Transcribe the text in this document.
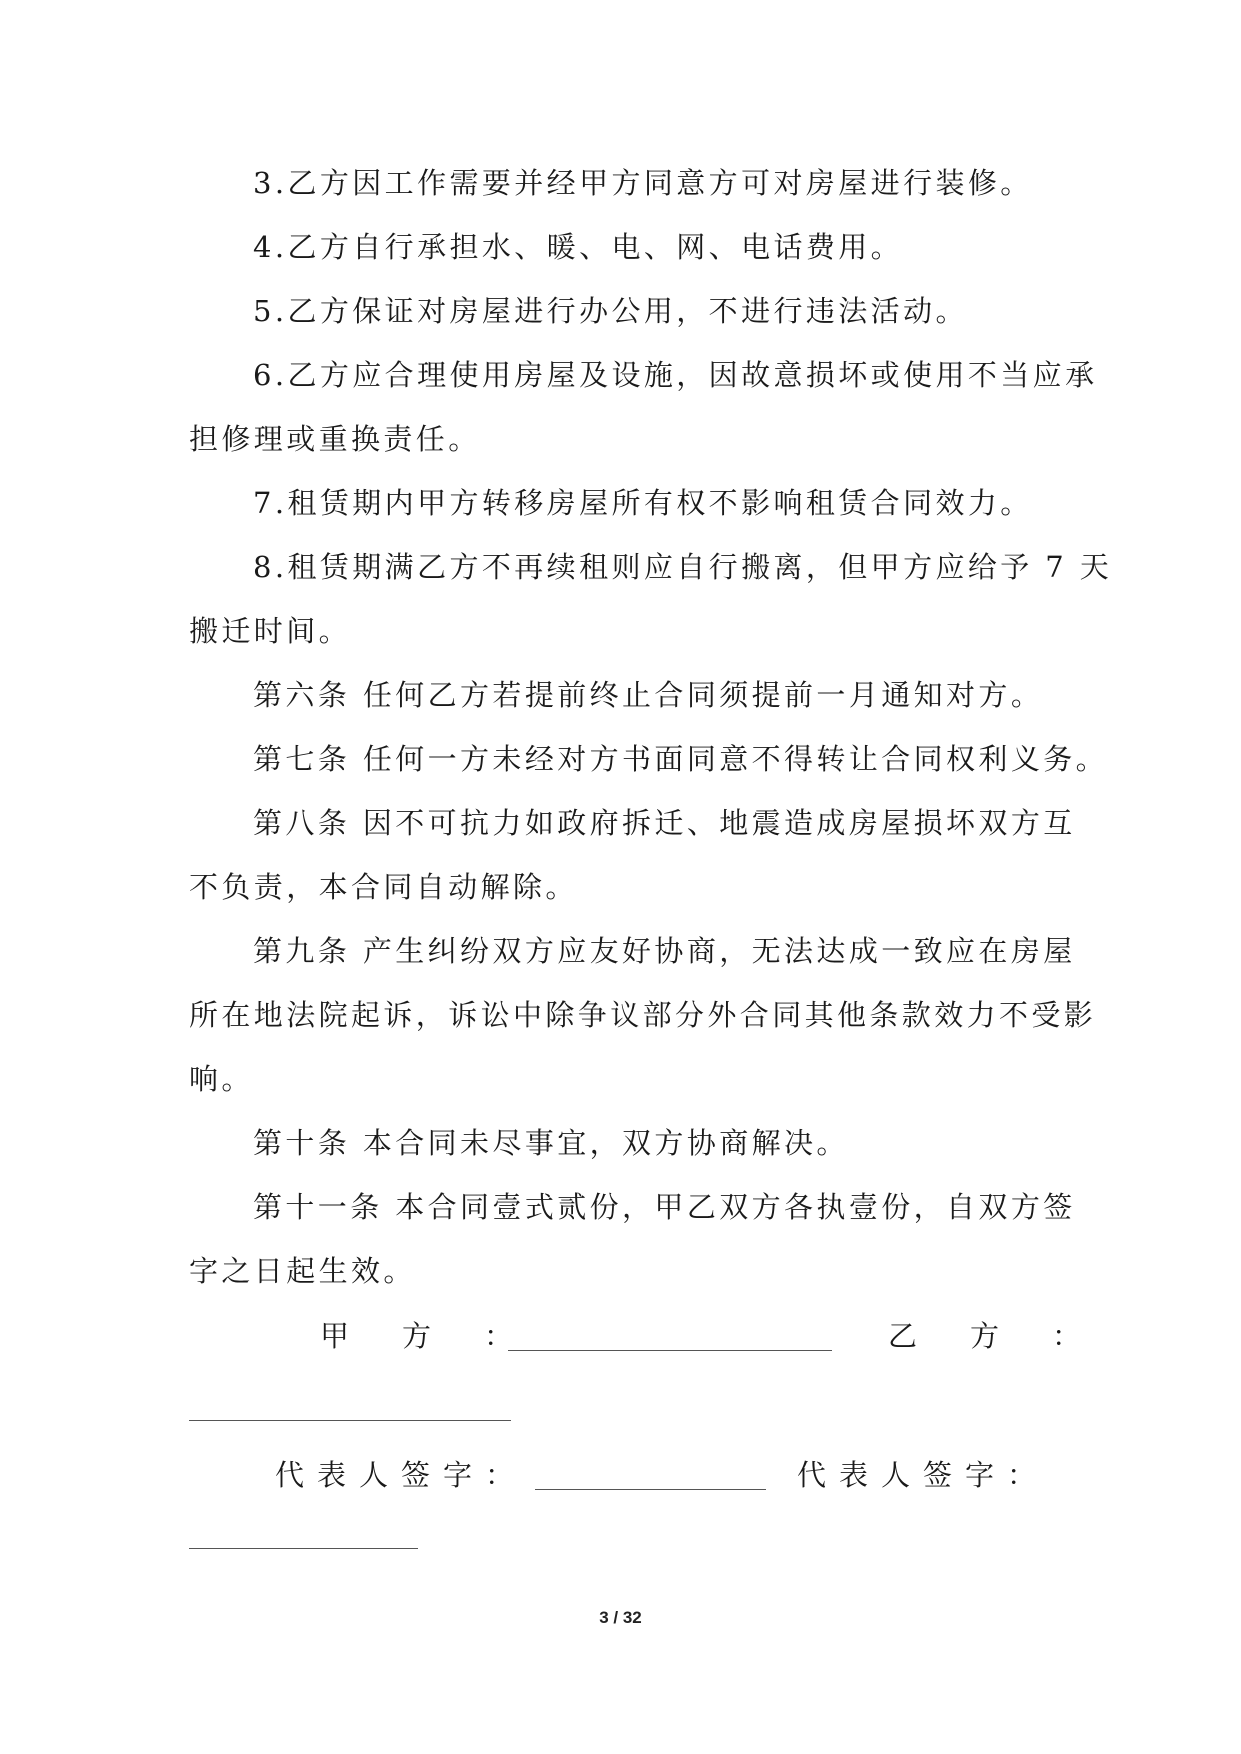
3.乙方因工作需要并经甲方同意方可对房屋进行装修。
4.乙方自行承担水、暖、电、网、电话费用。
5.乙方保证对房屋进行办公用，不进行违法活动。
6.乙方应合理使用房屋及设施，因故意损坏或使用不当应承
担修理或重换责任。
7.租赁期内甲方转移房屋所有权不影响租赁合同效力。
8.租赁期满乙方不再续租则应自行搬离，但甲方应给予 7 天
搬迁时间。
第六条 任何乙方若提前终止合同须提前一月通知对方。
第七条 任何一方未经对方书面同意不得转让合同权利义务。
第八条 因不可抗力如政府拆迁、地震造成房屋损坏双方互
不负责，本合同自动解除。
第九条 产生纠纷双方应友好协商，无法达成一致应在房屋
所在地法院起诉，诉讼中除争议部分外合同其他条款效力不受影
响。
第十条 本合同未尽事宜，双方协商解决。
第十一条 本合同壹式贰份，甲乙双方各执壹份，自双方签
字之日起生效。
甲　方　：	乙　方　：
代表人签字：	代表人签字：
3 / 32
